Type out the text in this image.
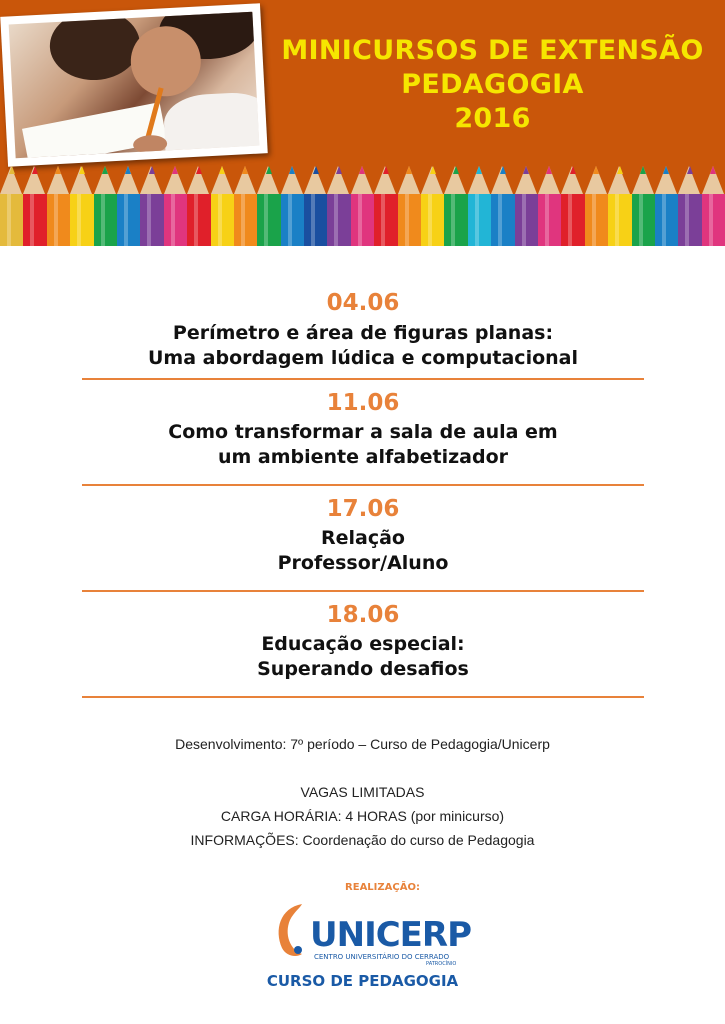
MINICURSOS DE EXTENSÃO
PEDAGOGIA
2016
04.06
Perímetro e área de figuras planas:
Uma abordagem lúdica e computacional
11.06
Como transformar a sala de aula em
um ambiente alfabetizador
17.06
Relação
Professor/Aluno
18.06
Educação especial:
Superando desafios
Desenvolvimento: 7º período – Curso de Pedagogia/Unicerp
VAGAS LIMITADAS
CARGA HORÁRIA: 4 HORAS (por minicurso)
INFORMAÇÕES: Coordenação do curso de Pedagogia
REALIZAÇÃO:
UNICERP
CENTRO UNIVERSITÁRIO DO CERRADO
PATROCÍNIO
CURSO DE PEDAGOGIA
